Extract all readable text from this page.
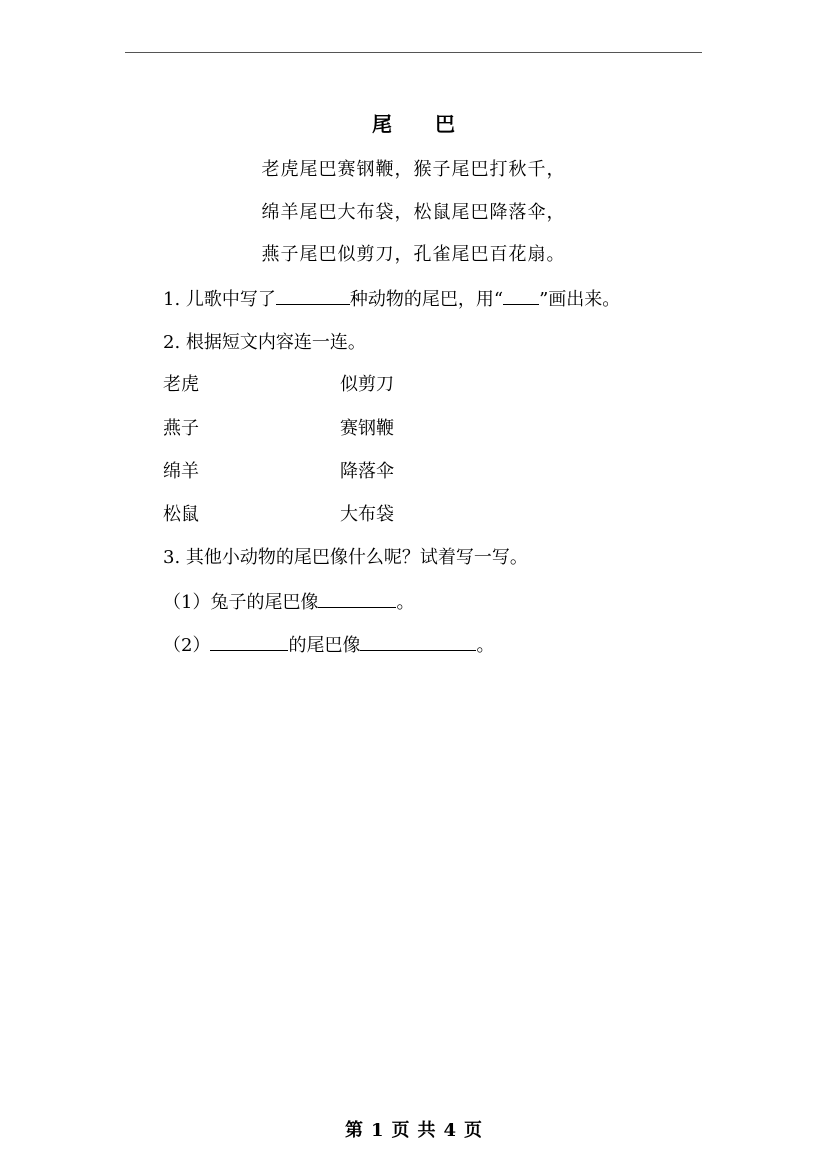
尾 巴
老虎尾巴赛钢鞭，猴子尾巴打秋千，
绵羊尾巴大布袋，松鼠尾巴降落伞，
燕子尾巴似剪刀，孔雀尾巴百花扇。
1. 儿歌中写了	种动物的尾巴，用“ ”画出来。
2. 根据短文内容连一连。
老虎	似剪刀
燕子	赛钢鞭
绵羊	降落伞
松鼠	大布袋
3. 其他小动物的尾巴像什么呢？试着写一写。
（1）兔子的尾巴像	。
（2）	的尾巴像	。
第 1 页 共 4 页
